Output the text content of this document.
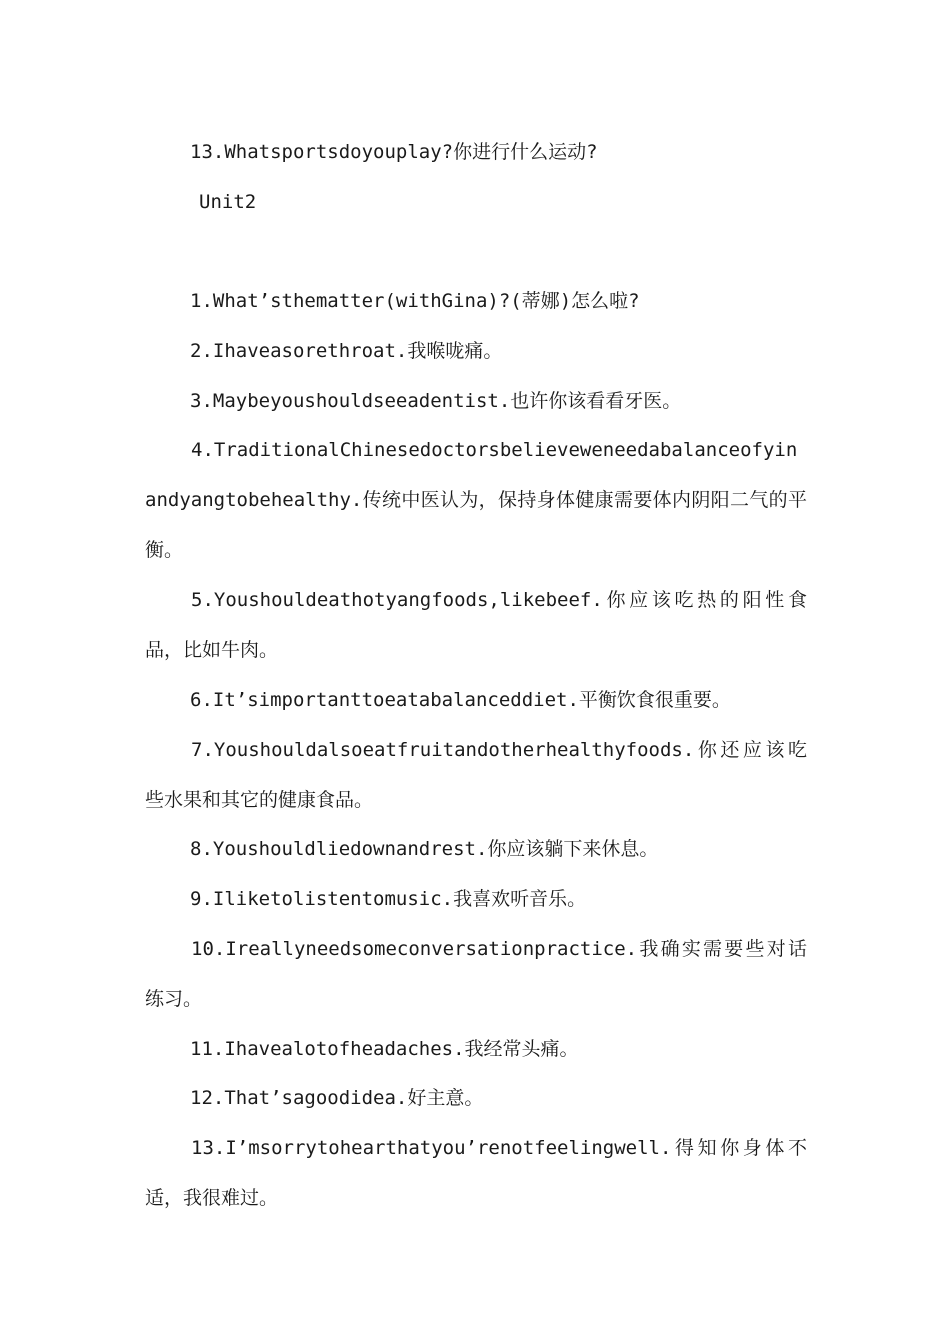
13.Whatsportsdoyouplay?你进行什么运动?
Unit2
1.What’sthematter(withGina)?(蒂娜)怎么啦?
2.Ihaveasorethroat.我喉咙痛。
3.Maybeyoushouldseeadentist.也许你该看看牙医。
4.TraditionalChinesedoctorsbelieveweneedabalanceofyinandyangtobehealthy.传统中医认为，保持身体健康需要体内阴阳二气的平衡。
5.Youshouldeathotyangfoods,likebeef.你应该吃热的阳性食品，比如牛肉。
6.It’simportanttoeatabalanceddiet.平衡饮食很重要。
7.Youshouldalsoeatfruitandotherhealthyfoods.你还应该吃些水果和其它的健康食品。
8.Youshouldliedownandrest.你应该躺下来休息。
9.Iliketolistentomusic.我喜欢听音乐。
10.Ireallyneedsomeconversationpractice.我确实需要些对话练习。
11.Ihavealotofheadaches.我经常头痛。
12.That’sagoodidea.好主意。
13.I’msorrytohearthatyou’renotfeelingwell.得知你身体不适，我很难过。
